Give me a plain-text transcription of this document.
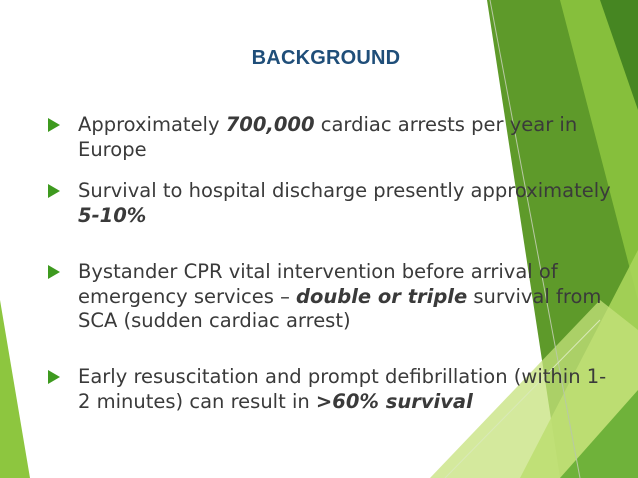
BACKGROUND
Approximately 700,000 cardiac arrests per year in Europe
Survival to hospital discharge presently approximately 5-10%
Bystander CPR vital intervention before arrival of emergency services – double or triple survival from SCA (sudden cardiac arrest)
Early resuscitation and prompt defibrillation (within 1-2 minutes) can result in >60% survival
